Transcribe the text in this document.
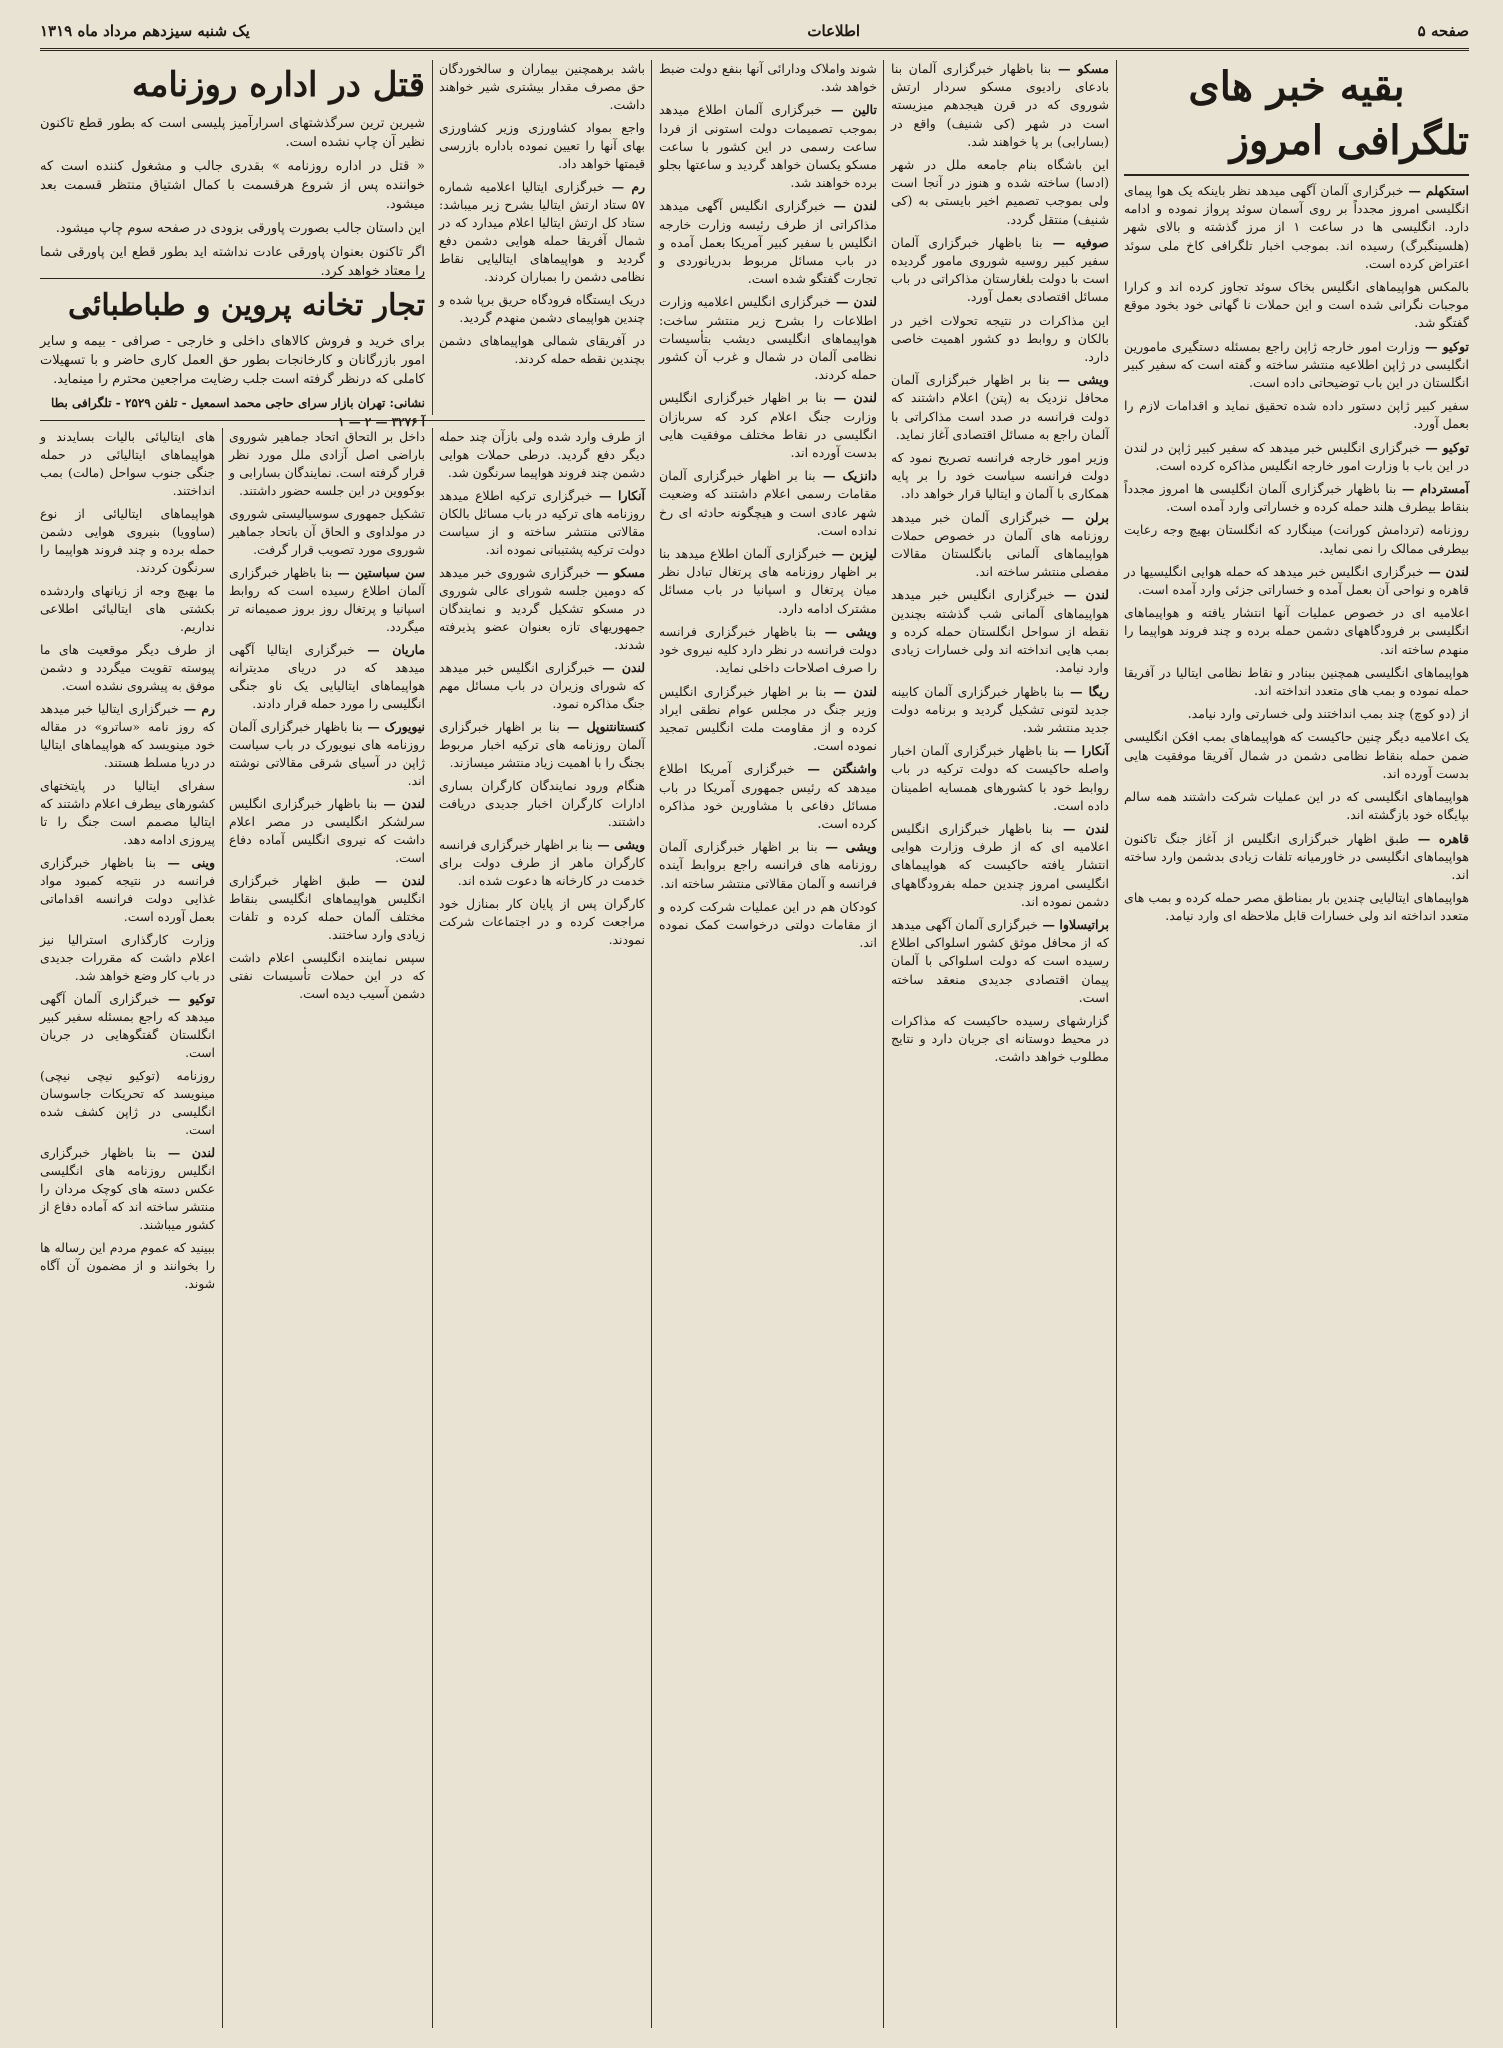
صفحه ۵
اطلاعات
یک شنبه سیزدهم مرداد ماه ۱۳۱۹
بقیه خبر های تلگرافی امروز

استکهلم — خبرگزاری آلمان آگهی میدهد نظر باینکه یک هوا پیمای انگلیسی امروز مجدداً بر روی آسمان سوئد پرواز نموده و ادامه دارد. انگلیسی ها در ساعت ۱ از مرز گذشته و بالای شهر (هلسینگبرگ) رسیده اند. بموجب اخبار تلگرافی کاخ ملی سوئد اعتراض کرده است.

بالمکس هواپیماهای انگلیس بخاک سوئد تجاوز کرده اند و کرارا موجبات نگرانی شده است و این حملات نا گهانی خود بخود موقع گفتگو شد.

توکیو — وزارت امور خارجه ژاپن راجع بمسئله دستگیری مامورین انگلیسی در ژاپن اطلاعیه منتشر ساخته و گفته است که سفیر کبیر انگلستان در این باب توضیحاتی داده است.

سفیر کبیر ژاپن دستور داده شده تحقیق نماید و اقدامات لازم را بعمل آورد.

توکیو — خبرگزاری انگلیس خبر میدهد که سفیر کبیر ژاپن در لندن در این باب با وزارت امور خارجه انگلیس مذاکره کرده است.

آمستردام — بنا باظهار خبرگزاری آلمان انگلیسی ها امروز مجدداً بنقاط بیطرف هلند حمله کرده و خساراتی وارد آمده است.

روزنامه (تردامش کورانت) مینگارد که انگلستان بهیچ وجه رعایت بیطرفی ممالک را نمی نماید.

لندن — خبرگزاری انگلیس خبر میدهد که حمله هوایی انگلیسیها در قاهره و نواحی آن بعمل آمده و خساراتی جزئی وارد آمده است.

اعلامیه ای در خصوص عملیات آنها انتشار یافته و هواپیماهای انگلیسی بر فرودگاههای دشمن حمله برده و چند فروند هواپیما را منهدم ساخته اند.

هواپیماهای انگلیسی همچنین ببنادر و نقاط نظامی ایتالیا در آفریقا حمله نموده و بمب های متعدد انداخته اند.

از (دو کوچ) چند بمب انداختند ولی خسارتی وارد نیامد.

یک اعلامیه دیگر چنین حاکیست که هواپیماهای بمب افکن انگلیسی ضمن حمله بنقاط نظامی دشمن در شمال آفریقا موفقیت هایی بدست آورده اند.

هواپیماهای انگلیسی که در این عملیات شرکت داشتند همه سالم بپایگاه خود بازگشته اند.

قاهره — طبق اظهار خبرگزاری انگلیس از آغاز جنگ تاکنون هواپیماهای انگلیسی در خاورمیانه تلفات زیادی بدشمن وارد ساخته اند.

هواپیماهای ایتالیایی چندین بار بمناطق مصر حمله کرده و بمب های متعدد انداخته اند ولی خسارات قابل ملاحظه ای وارد نیامد.

مسکو — بنا باظهار خبرگزاری آلمان بنا بادعای رادیوی مسکو سردار ارتش شوروی که در قرن هیجدهم میزیسته است در شهر (کی شنیف) واقع در (بسارابی) بر پا خواهند شد.

این باشگاه بنام جامعه ملل در شهر (ادسا) ساخته شده و هنوز در آنجا است ولی بموجب تصمیم اخیر بایستی به (کی شنیف) منتقل گردد.

صوفیه — بنا باظهار خبرگزاری آلمان سفیر کبیر روسیه شوروی مامور گردیده است با دولت بلغارستان مذاکراتی در باب مسائل اقتصادی بعمل آورد.

این مذاکرات در نتیجه تحولات اخیر در بالکان و روابط دو کشور اهمیت خاصی دارد.

ویشی — بنا بر اظهار خبرگزاری آلمان محافل نزدیک به (پتن) اعلام داشتند که دولت فرانسه در صدد است مذاکراتی با آلمان راجع به مسائل اقتصادی آغاز نماید.

وزیر امور خارجه فرانسه تصریح نمود که دولت فرانسه سیاست خود را بر پایه همکاری با آلمان و ایتالیا قرار خواهد داد.

برلن — خبرگزاری آلمان خبر میدهد روزنامه های آلمان در خصوص حملات هواپیماهای آلمانی بانگلستان مقالات مفصلی منتشر ساخته اند.

لندن — خبرگزاری انگلیس خبر میدهد هواپیماهای آلمانی شب گذشته بچندین نقطه از سواحل انگلستان حمله کرده و بمب هایی انداخته اند ولی خسارات زیادی وارد نیامد.

ریگا — بنا باظهار خبرگزاری آلمان کابینه جدید لتونی تشکیل گردید و برنامه دولت جدید منتشر شد.

آنکارا — بنا باظهار خبرگزاری آلمان اخبار واصله حاکیست که دولت ترکیه در باب روابط خود با کشورهای همسایه اطمینان داده است.

لندن — بنا باظهار خبرگزاری انگلیس اعلامیه ای که از طرف وزارت هوایی انتشار یافته حاکیست که هواپیماهای انگلیسی امروز چندین حمله بفرودگاههای دشمن نموده اند.

براتیسلاوا — خبرگزاری آلمان آگهی میدهد که از محافل موثق کشور اسلواکی اطلاع رسیده است که دولت اسلواکی با آلمان پیمان اقتصادی جدیدی منعقد ساخته است.

گزارشهای رسیده حاکیست که مذاکرات در محیط دوستانه ای جریان دارد و نتایج مطلوب خواهد داشت.

شوند واملاک ودارائی آنها بنفع دولت ضبط خواهد شد.

تالین — خبرگزاری آلمان اطلاع میدهد بموجب تصمیمات دولت استونی از فردا ساعت رسمی در این کشور با ساعت مسکو یکسان خواهد گردید و ساعتها بجلو برده خواهند شد.

لندن — خبرگزاری انگلیس آگهی میدهد مذاکراتی از طرف رئیسه وزارت خارجه انگلیس با سفیر کبیر آمریکا بعمل آمده و در باب مسائل مربوط بدریانوردی و تجارت گفتگو شده است.

لندن — خبرگزاری انگلیس اعلامیه وزارت اطلاعات را بشرح زیر منتشر ساخت: هواپیماهای انگلیسی دیشب بتأسیسات نظامی آلمان در شمال و غرب آن کشور حمله کردند.

لندن — بنا بر اظهار خبرگزاری انگلیس وزارت جنگ اعلام کرد که سربازان انگلیسی در نقاط مختلف موفقیت هایی بدست آورده اند.

دانزیک — بنا بر اظهار خبرگزاری آلمان مقامات رسمی اعلام داشتند که وضعیت شهر عادی است و هیچگونه حادثه ای رخ نداده است.

لیزبن — خبرگزاری آلمان اطلاع میدهد بنا بر اظهار روزنامه های پرتغال تبادل نظر میان پرتغال و اسپانیا در باب مسائل مشترک ادامه دارد.

ویشی — بنا باظهار خبرگزاری فرانسه دولت فرانسه در نظر دارد کلیه نیروی خود را صرف اصلاحات داخلی نماید.

لندن — بنا بر اظهار خبرگزاری انگلیس وزیر جنگ در مجلس عوام نطقی ایراد کرده و از مقاومت ملت انگلیس تمجید نموده است.

واشنگتن — خبرگزاری آمریکا اطلاع میدهد که رئیس جمهوری آمریکا در باب مسائل دفاعی با مشاورین خود مذاکره کرده است.

ویشی — بنا بر اظهار خبرگزاری آلمان روزنامه های فرانسه راجع بروابط آینده فرانسه و آلمان مقالاتی منتشر ساخته اند.

کودکان هم در این عملیات شرکت کرده و از مقامات دولتی درخواست کمک نموده اند.

باشد برهمچنین بیماران و سالخوردگان حق مصرف مقدار بیشتری شیر خواهند داشت.

واجع بمواد کشاورزی وزیر کشاورزی بهای آنها را تعیین نموده باداره بازرسی قیمتها خواهد داد.

رم — خبرگزاری ایتالیا اعلامیه شماره ۵۷ ستاد ارتش ایتالیا بشرح زیر میباشد: ستاد کل ارتش ایتالیا اعلام میدارد که در شمال آفریقا حمله هوایی دشمن دفع گردید و هواپیماهای ایتالیایی نقاط نظامی دشمن را بمباران کردند.

دریک ایستگاه فرودگاه حریق برپا شده و چندین هواپیمای دشمن منهدم گردید.

در آفریقای شمالی هواپیماهای دشمن بچندین نقطه حمله کردند.

قتل در اداره روزنامه

شیرین ترین سرگذشتهای اسرارآمیز پلیسی است که بطور قطع تاکنون نظیر آن چاپ نشده است.

« قتل در اداره روزنامه » بقدری جالب و مشغول کننده است که خواننده پس از شروع هرقسمت با کمال اشتیاق منتظر قسمت بعد میشود.

این داستان جالب بصورت پاورقی بزودی در صفحه سوم چاپ میشود.

اگر تاکنون بعنوان پاورقی عادت نداشته اید بطور قطع این پاورقی شما را معتاد خواهد کرد.

تجار تخانه پروین و طباطبائی

برای خرید و فروش کالاهای داخلی و خارجی - صرافی - بیمه و سایر امور بازرگانان و کارخانجات بطور حق العمل کاری حاضر و با تسهیلات کاملی که درنظر گرفته است جلب رضایت مراجعین محترم را مینماید.

نشانی: تهران بازار سرای حاجی محمد اسمعیل - تلفن ۲۵۲۹ - تلگرافی بطا
آ ۳۲۷۶ — ۲ — ۱

از طرف وارد شده ولی بازآن چند حمله دیگر دفع گردید. درطی حملات هوایی دشمن چند فروند هواپیما سرنگون شد.

آنکارا — خبرگزاری ترکیه اطلاع میدهد روزنامه های ترکیه در باب مسائل بالکان مقالاتی منتشر ساخته و از سیاست دولت ترکیه پشتیبانی نموده اند.

مسکو — خبرگزاری شوروی خبر میدهد که دومین جلسه شورای عالی شوروی در مسکو تشکیل گردید و نمایندگان جمهوریهای تازه بعنوان عضو پذیرفته شدند.

لندن — خبرگزاری انگلیس خبر میدهد که شورای وزیران در باب مسائل مهم جنگ مذاکره نمود.

کنستانتنوپل — بنا بر اظهار خبرگزاری آلمان روزنامه های ترکیه اخبار مربوط بجنگ را با اهمیت زیاد منتشر میسازند.

هنگام ورود نمایندگان کارگران بساری ادارات کارگران اخبار جدیدی دریافت داشتند.

ویشی — بنا بر اظهار خبرگزاری فرانسه کارگران ماهر از طرف دولت برای خدمت در کارخانه ها دعوت شده اند.

کارگران پس از پایان کار بمنازل خود مراجعت کرده و در اجتماعات شرکت نمودند.

داخل بر التحاق اتحاد جماهیر شوروی باراضی اصل آزادی ملل مورد نظر قرار گرفته است. نمایندگان بسارابی و بوکووین در این جلسه حضور داشتند.

تشکیل جمهوری سوسیالیستی شوروی در مولداوی و الحاق آن باتحاد جماهیر شوروی مورد تصویب قرار گرفت.

سن سباستین — بنا باظهار خبرگزاری آلمان اطلاع رسیده است که روابط اسپانیا و پرتغال روز بروز صمیمانه تر میگردد.

ماریان — خبرگزاری ایتالیا آگهی میدهد که در دریای مدیترانه هواپیماهای ایتالیایی یک ناو جنگی انگلیسی را مورد حمله قرار دادند.

نیویورک — بنا باظهار خبرگزاری آلمان روزنامه های نیویورک در باب سیاست ژاپن در آسیای شرقی مقالاتی نوشته اند.

لندن — بنا باظهار خبرگزاری انگلیس سرلشکر انگلیسی در مصر اعلام داشت که نیروی انگلیس آماده دفاع است.

لندن — طبق اظهار خبرگزاری انگلیس هواپیماهای انگلیسی بنقاط مختلف آلمان حمله کرده و تلفات زیادی وارد ساختند.

سپس نماینده انگلیسی اعلام داشت که در این حملات تأسیسات نفتی دشمن آسیب دیده است.

های ایتالیائی بالیات بسایدند و هواپیماهای ایتالیائی در حمله جنگی جنوب سواحل (مالت) بمب انداختند.

هواپیماهای ایتالیائی از نوع (ساوویا) بنیروی هوایی دشمن حمله برده و چند فروند هواپیما را سرنگون کردند.

ما بهیچ وجه از زیانهای واردشده بکشتی های ایتالیائی اطلاعی نداریم.

از طرف دیگر موقعیت های ما پیوسته تقویت میگردد و دشمن موفق به پیشروی نشده است.

رم — خبرگزاری ایتالیا خبر میدهد که روز نامه «ساترو» در مقاله خود مینویسد که هواپیماهای ایتالیا در دریا مسلط هستند.

سفرای ایتالیا در پایتختهای کشورهای بیطرف اعلام داشتند که ایتالیا مصمم است جنگ را تا پیروزی ادامه دهد.

وینی — بنا باظهار خبرگزاری فرانسه در نتیجه کمبود مواد غذایی دولت فرانسه اقداماتی بعمل آورده است.

وزارت کارگذاری استرالیا نیز اعلام داشت که مقررات جدیدی در باب کار وضع خواهد شد.

توکیو — خبرگزاری آلمان آگهی میدهد که راجع بمسئله سفیر کبیر انگلستان گفتگوهایی در جریان است.

روزنامه (توکیو نیچی نیچی) مینویسد که تحریکات جاسوسان انگلیسی در ژاپن کشف شده است.

لندن — بنا باظهار خبرگزاری انگلیس روزنامه های انگلیسی عکس دسته های کوچک مردان را منتشر ساخته اند که آماده دفاع از کشور میباشند.

ببینید که عموم مردم این رساله ها را بخوانند و از مضمون آن آگاه شوند.
